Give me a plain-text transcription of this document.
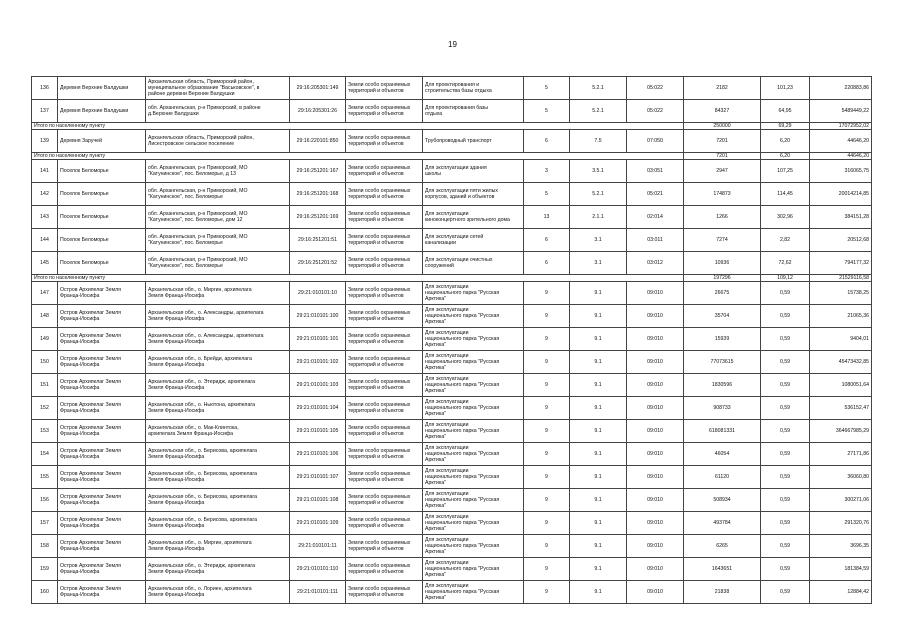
19
136	Деревня Верхние Валдушки	Архангельская область, Приморский район,
муниципальное образование "Васьковское", в
районе деревни Верхние Валдушки	29:16:205301:149	Земли особо охраняемых
территорий и объектов	Для проектирования и
строительства базы отдыха	5	5.2.1	05:022	2182	101,23	220883,86
137	Деревня Верхние Валдушки	обл. Архангельская, р-н Приморский, в районе
д.Верхние Валдушки	29:16:205301:26	Земли особо охраняемых
территорий и объектов	Для проектирования базы
отдыха	5	5.2.1	05:022	84327	64,95	5489449,22
Итого по населенному пункту									250000	69,29	17072952,02
139	Деревня Заручей	Архангельская область, Приморский район,
Лисестровское сельское поселение	29:16:220101:850	Земли особо охраняемых
территорий и объектов	Трубопроводный транспорт	6	7.5	07:050	7201	6,20	44646,20
Итого по населенному пункту									7201	6,20	44646,20
141	Поселок Беломорье	обл. Архангельская, р-н Приморский, МО
"Катунинское", пос. Беломорье, д 13	29:16:251201:167	Земли особо охраняемых
территорий и объектов	Для эксплуатации здания
школы	3	3.5.1	03:051	2947	107,25	316065,75
142	Поселок Беломорье	обл. Архангельская, р-н Приморский, МО
"Катунинское", пос. Беломорье	29:16:251201:168	Земли особо охраняемых
территорий и объектов	Для эксплуатации пяти жилых
корпусов, зданий и объектов	5	5.2.1	05:021	174873	114,45	20014214,85
143	Поселок Беломорье	обл. Архангельская, р-н Приморский, МО
"Катунинское", пос. Беломорье, дом 12	29:16:251201:169	Земли особо охраняемых
территорий и объектов	Для эксплуатации
киноконцертного зрительного дома	13	2.1.1	02:014	1266	302,96	384151,28
144	Поселок Беломорье	обл. Архангельская, р-н Приморский, МО
"Катунинское", пос. Беломорье	29:16:251201:51	Земли особо охраняемых
территорий и объектов	Для эксплуатации сетей
канализации	6	3.1	03:011	7274	2,82	20512,68
145	Поселок Беломорье	обл. Архангельская, р-н Приморский, МО
"Катунинское", пос. Беломорье	29:16:251201:52	Земли особо охраняемых
территорий и объектов	Для эксплуатации очистных
сооружений	6	3.1	03:012	10936	72,62	794177,32
Итого по населенному пункту									197296	109,12	21529116,58
147	Остров Архипелаг Земля
Франца-Иосифа	Архангельская обл., о. Миргин, архипелага
Земля Франца-Иосифа	29:21:010101:10	Земли особо охраняемых
территорий и объектов	Для эксплуатации
национального парка "Русская
Арктика"	9	9.1	09:010	26675	0,59	15738,25
148	Остров Архипелаг Земля
Франца-Иосифа	Архангельская обл., о. Александры, архипелага
Земля Франца-Иосифа	29:21:010101:100	Земли особо охраняемых
территорий и объектов	Для эксплуатации
национального парка "Русская
Арктика"	9	9.1	09:010	35704	0,59	21065,36
149	Остров Архипелаг Земля
Франца-Иосифа	Архангельская обл., о. Александры, архипелага
Земля Франца-Иосифа	29:21:010101:101	Земли особо охраняемых
территорий и объектов	Для эксплуатации
национального парка "Русская
Арктика"	9	9.1	09:010	15939	0,59	9404,01
150	Остров Архипелаг Земля
Франца-Иосифа	Архангельская обл., о. Брейди, архипелага
Земля Франца-Иосифа	29:21:010101:102	Земли особо охраняемых
территорий и объектов	Для эксплуатации
национального парка "Русская
Арктика"	9	9.1	09:010	77073615	0,59	45473432,85
151	Остров Архипелаг Земля
Франца-Иосифа	Архангельская обл., о. Этеридж, архипелага
Земля Франца-Иосифа	29:21:010101:103	Земли особо охраняемых
территорий и объектов	Для эксплуатации
национального парка "Русская
Арктика"	9	9.1	09:010	1830596	0,59	1080051,64
152	Остров Архипелаг Земля
Франца-Иосифа	Архангельская обл., о. Ньютона, архипелага
Земля Франца-Иосифа	29:21:010101:104	Земли особо охраняемых
территорий и объектов	Для эксплуатации
национального парка "Русская
Арктика"	9	9.1	09:010	908733	0,59	536152,47
153	Остров Архипелаг Земля
Франца-Иосифа	Архангельская обл., о. Мак-Клинтока,
архипелага Земля Франца-Иосифа	29:21:010101:105	Земли особо охраняемых
территорий и объектов	Для эксплуатации
национального парка "Русская
Арктика"	9	9.1	09:010	618081331	0,59	364667985,29
154	Остров Архипелаг Земля
Франца-Иосифа	Архангельская обл., о. Берисова, архипелага
Земля Франца-Иосифа	29:21:010101:106	Земли особо охраняемых
территорий и объектов	Для эксплуатации
национального парка "Русская
Арктика"	9	9.1	09:010	46054	0,59	27171,86
155	Остров Архипелаг Земля
Франца-Иосифа	Архангельская обл., о. Берисова, архипелага
Земля Франца-Иосифа	29:21:010101:107	Земли особо охраняемых
территорий и объектов	Для эксплуатации
национального парка "Русская
Арктика"	9	9.1	09:010	61120	0,59	36060,80
156	Остров Архипелаг Земля
Франца-Иосифа	Архангельская обл., о. Берисова, архипелага
Земля Франца-Иосифа	29:21:010101:108	Земли особо охраняемых
территорий и объектов	Для эксплуатации
национального парка "Русская
Арктика"	9	9.1	09:010	508934	0,59	300271,06
157	Остров Архипелаг Земля
Франца-Иосифа	Архангельская обл., о. Берисова, архипелага
Земля Франца-Иосифа	29:21:010101:109	Земли особо охраняемых
территорий и объектов	Для эксплуатации
национального парка "Русская
Арктика"	9	9.1	09:010	493784	0,59	291320,76
158	Остров Архипелаг Земля
Франца-Иосифа	Архангельская обл., о. Миргин, архипелага
Земля Франца-Иосифа	29:21:010101:11	Земли особо охраняемых
территорий и объектов	Для эксплуатации
национального парка "Русская
Арктика"	9	9.1	09:010	6265	0,59	3696,35
159	Остров Архипелаг Земля
Франца-Иосифа	Архангельская обл., о. Этеридж, архипелага
Земля Франца-Иосифа	29:21:010101:110	Земли особо охраняемых
территорий и объектов	Для эксплуатации
национального парка "Русская
Арктика"	9	9.1	09:010	1643651	0,59	181384,59
160	Остров Архипелаг Земля
Франца-Иосифа	Архангельская обл., о. Лориен, архипелага
Земля Франца-Иосифа	29:21:010101:111	Земли особо охраняемых
территорий и объектов	Для эксплуатации
национального парка "Русская
Арктика"	9	9.1	09:010	21838	0,59	12884,42
